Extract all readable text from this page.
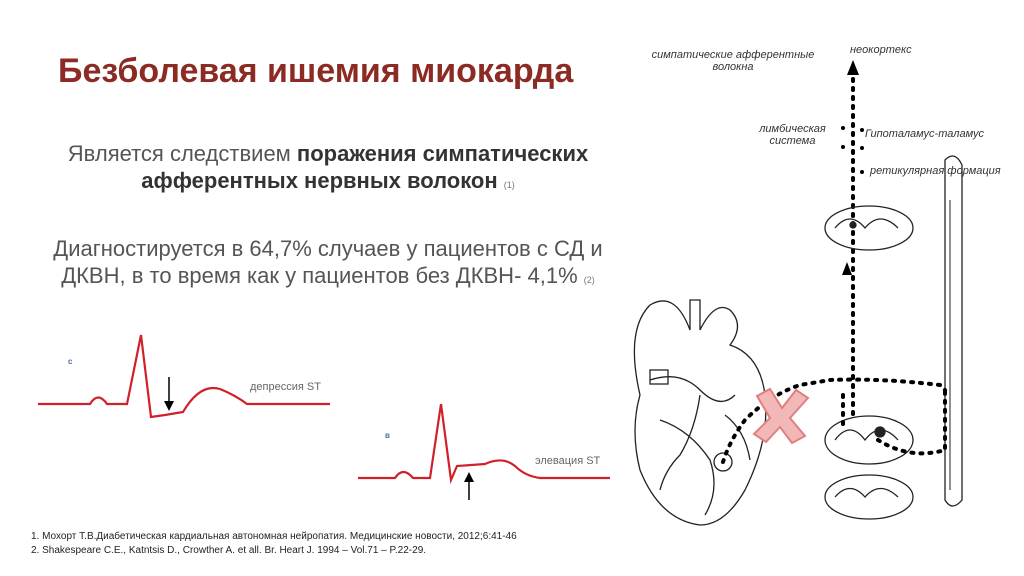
Безболевая ишемия миокарда
Является следствием поражения симпатических афферентных нервных волокон (1)
Диагностируется в 64,7% случаев у пациентов с СД и ДКВН, в то время как у пациентов без ДКВН- 4,1% (2)
c
депрессия ST
в
элевация ST
симпатические афферентные
волокна
неокортекс
лимбическая
система
Гипоталамус-таламус
ретикулярная формация
1. Мохорт Т.В.Диабетическая кардиальная автономная нейропатия. Медицинские новости, 2012;6:41-46
2. Shakespeare C.E., Katntsis D., Crowther A. et all. Br. Heart J. 1994 – Vol.71 – P.22-29.
